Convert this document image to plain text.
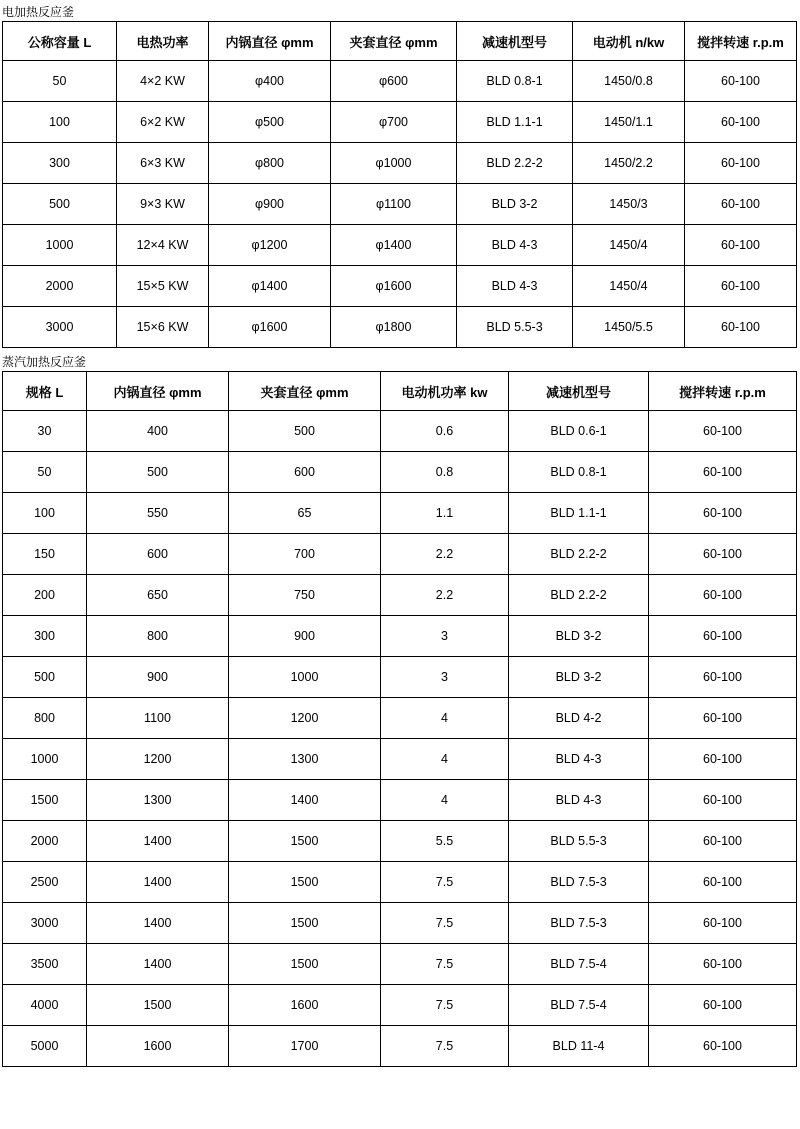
电加热反应釜
公称容量 L	电热功率	内锅直径 φmm	夹套直径 φmm	减速机型号	电动机 n/kw	搅拌转速 r.p.m
50	4×2 KW	φ400	φ600	BLD 0.8-1	1450/0.8	60-100
100	6×2 KW	φ500	φ700	BLD 1.1-1	1450/1.1	60-100
300	6×3 KW	φ800	φ1000	BLD 2.2-2	1450/2.2	60-100
500	9×3 KW	φ900	φ1100	BLD 3-2	1450/3	60-100
1000	12×4 KW	φ1200	φ1400	BLD 4-3	1450/4	60-100
2000	15×5 KW	φ1400	φ1600	BLD 4-3	1450/4	60-100
3000	15×6 KW	φ1600	φ1800	BLD 5.5-3	1450/5.5	60-100
蒸汽加热反应釜
规格 L	内锅直径 φmm	夹套直径 φmm	电动机功率 kw	减速机型号	搅拌转速 r.p.m
30	400	500	0.6	BLD 0.6-1	60-100
50	500	600	0.8	BLD 0.8-1	60-100
100	550	65	1.1	BLD 1.1-1	60-100
150	600	700	2.2	BLD 2.2-2	60-100
200	650	750	2.2	BLD 2.2-2	60-100
300	800	900	3	BLD 3-2	60-100
500	900	1000	3	BLD 3-2	60-100
800	1100	1200	4	BLD 4-2	60-100
1000	1200	1300	4	BLD 4-3	60-100
1500	1300	1400	4	BLD 4-3	60-100
2000	1400	1500	5.5	BLD 5.5-3	60-100
2500	1400	1500	7.5	BLD 7.5-3	60-100
3000	1400	1500	7.5	BLD 7.5-3	60-100
3500	1400	1500	7.5	BLD 7.5-4	60-100
4000	1500	1600	7.5	BLD 7.5-4	60-100
5000	1600	1700	7.5	BLD 11-4	60-100
